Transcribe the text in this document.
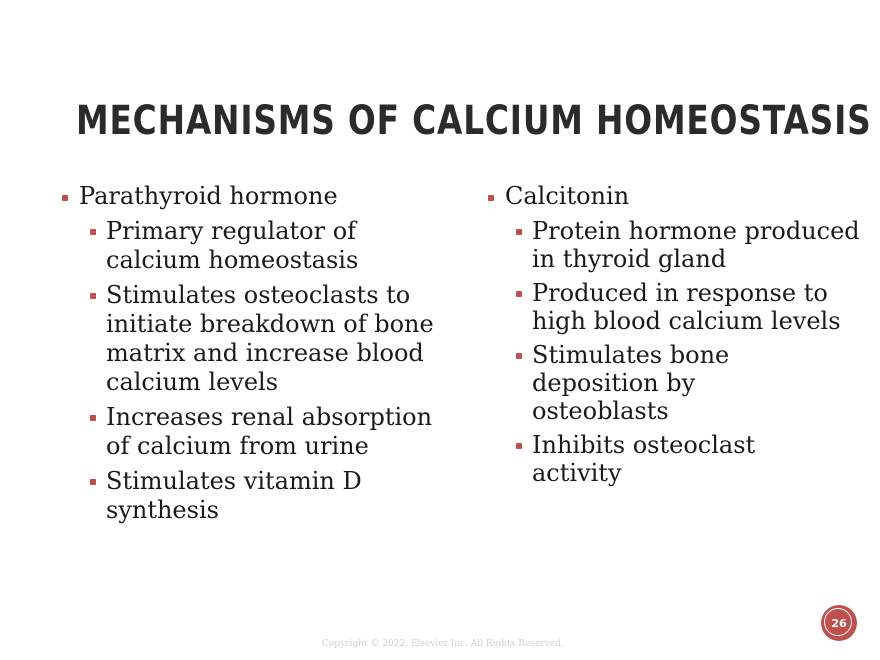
MECHANISMS OF CALCIUM HOMEOSTASIS
Parathyroid hormone
Primary regulator of calcium homeostasis
Stimulates osteoclasts to initiate breakdown of bone matrix and increase blood calcium levels
Increases renal absorption of calcium from urine
Stimulates vitamin D synthesis
Calcitonin
Protein hormone produced in thyroid gland
Produced in response to high blood calcium levels
Stimulates bone deposition by osteoblasts
Inhibits osteoclast activity
Copyright © 2022, Elsevier Inc. All Rights Reserved.
26
